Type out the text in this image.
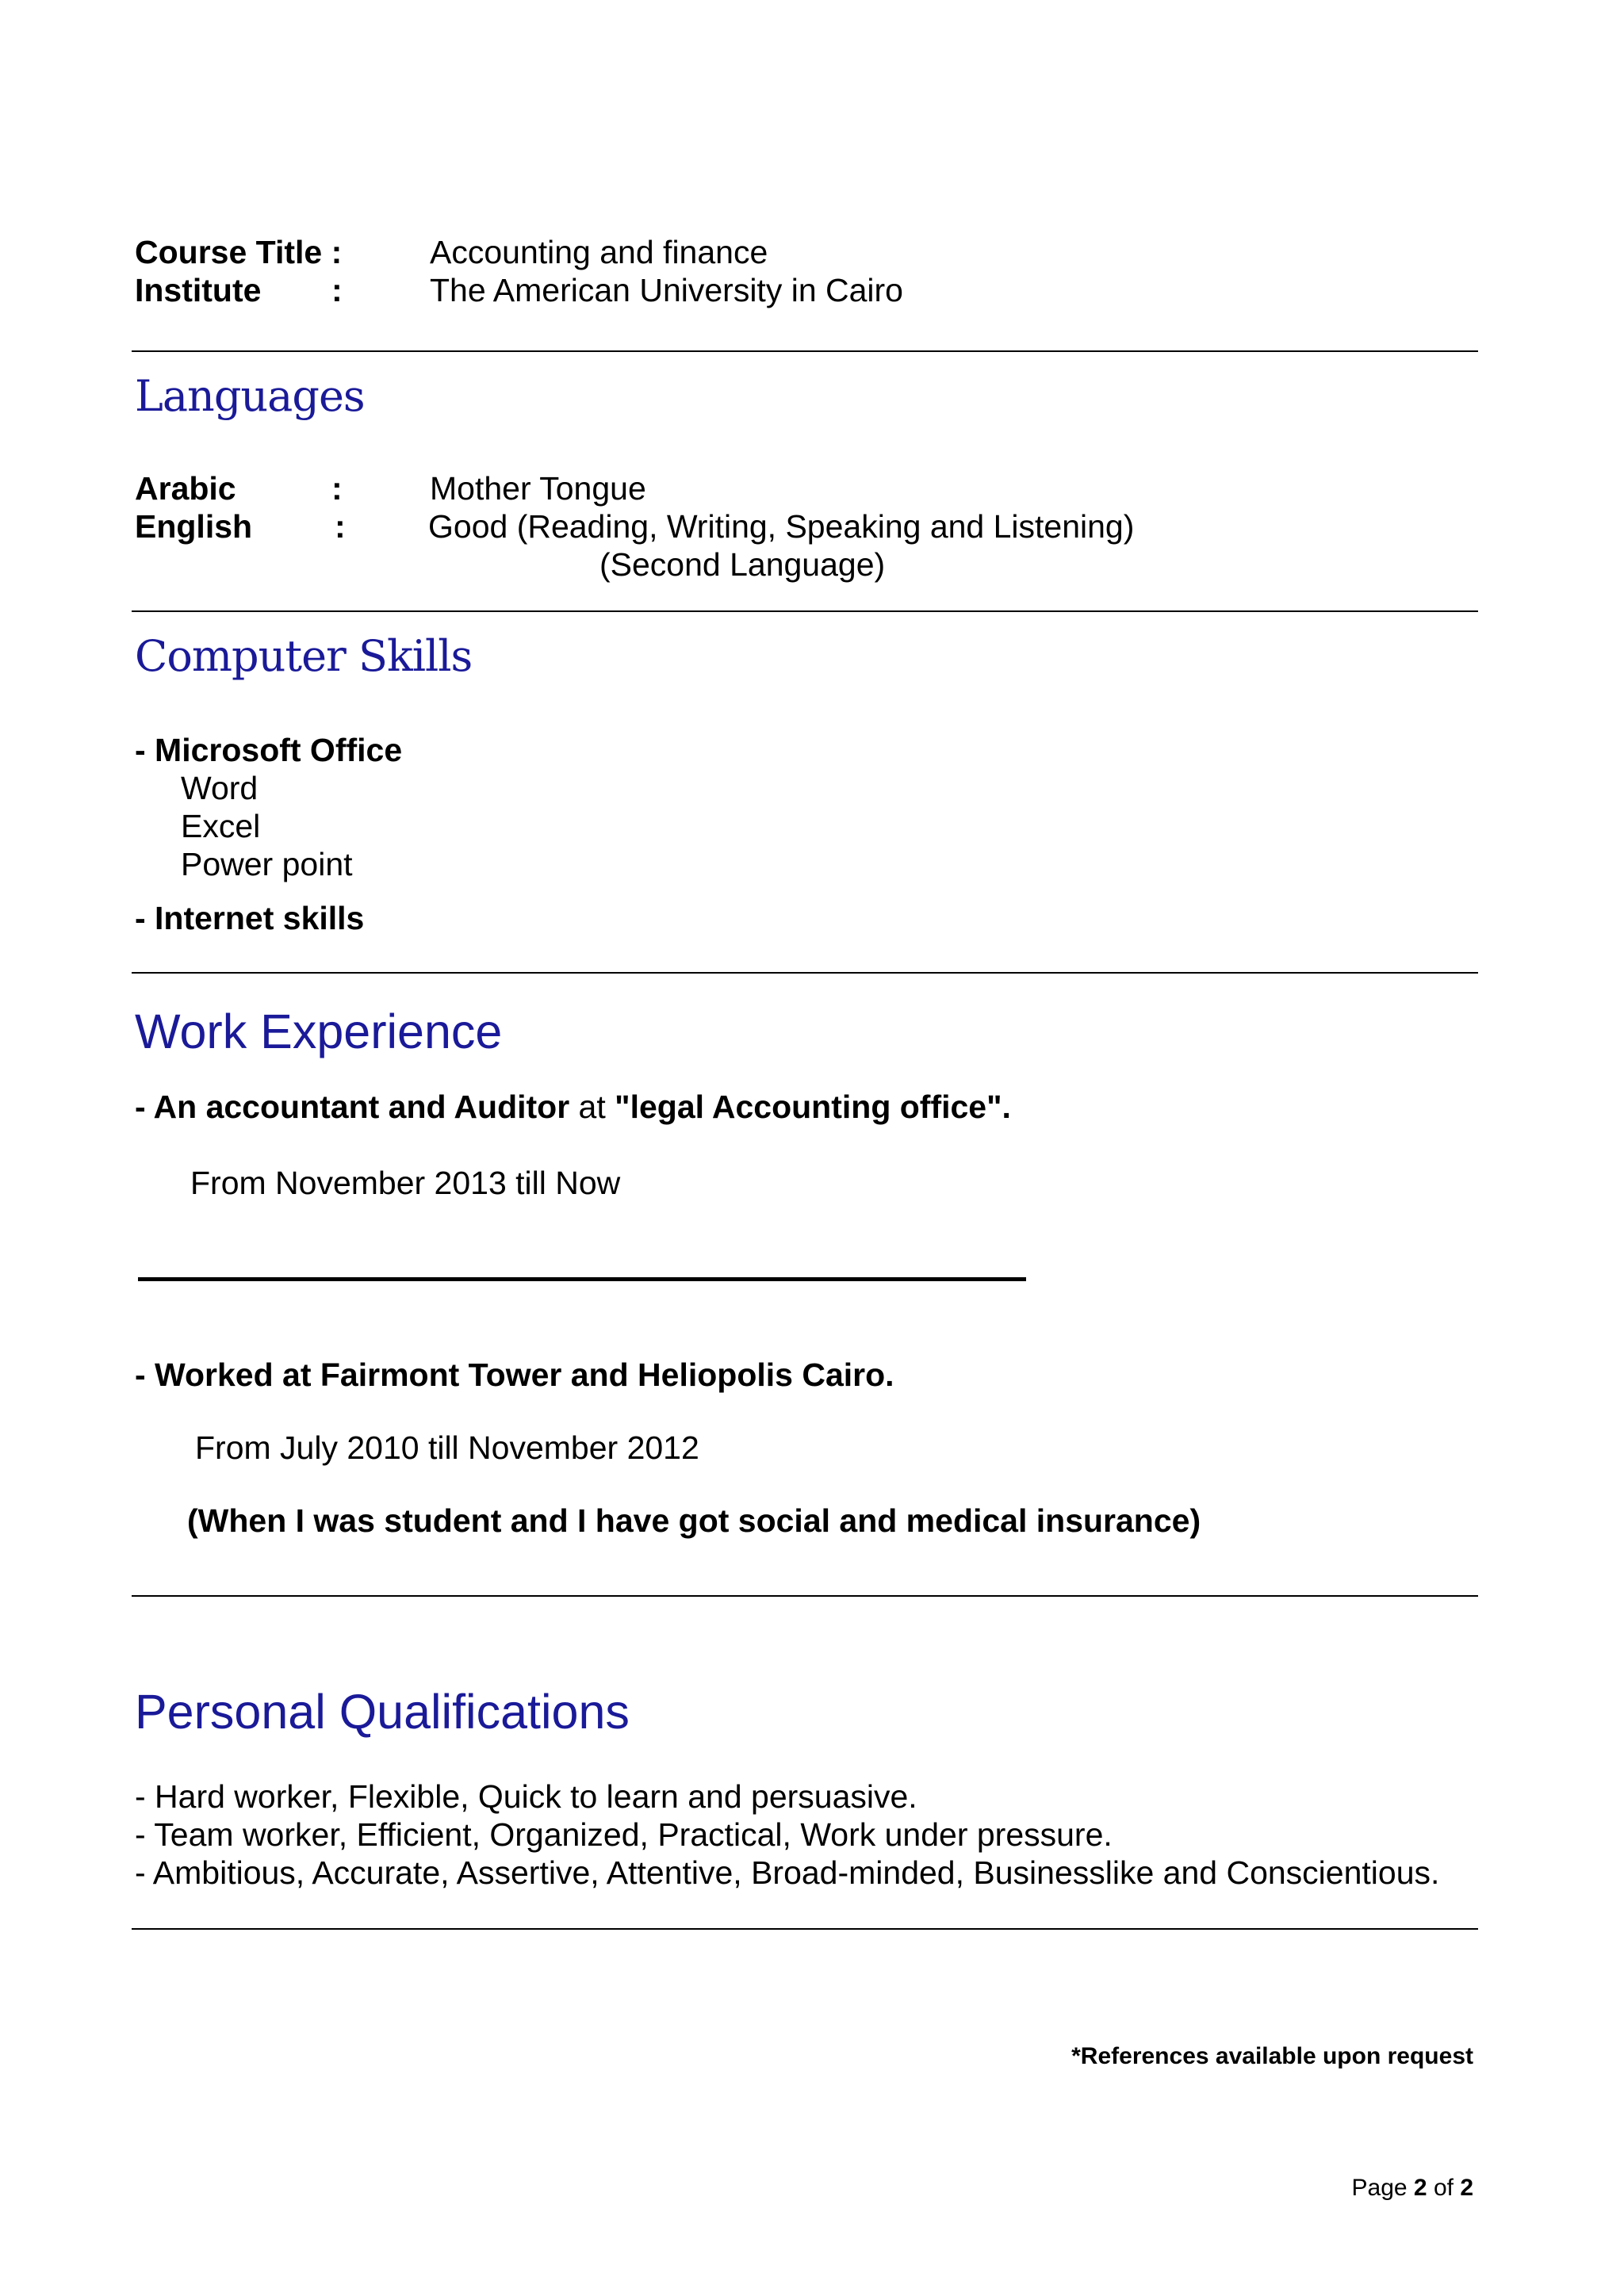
Course Title :	Accounting and finance
Institute :	The American University in Cairo
Languages
Arabic	:	Mother Tongue
English	:	Good (Reading, Writing, Speaking and Listening)
(Second Language)
Computer Skills
- Microsoft Office
Word
Excel
Power point
- Internet skills
Work Experience
- An accountant and Auditor at "legal Accounting office".
From November 2013 till Now
- Worked at Fairmont Tower and Heliopolis Cairo.
From July 2010 till November 2012
(When I was student and I have got social and medical insurance)
Personal Qualifications
- Hard worker, Flexible, Quick to learn and persuasive.
- Team worker, Efficient, Organized, Practical, Work under pressure.
- Ambitious, Accurate, Assertive, Attentive, Broad-minded, Businesslike and Conscientious.
*References available upon request
Page 2 of 2
